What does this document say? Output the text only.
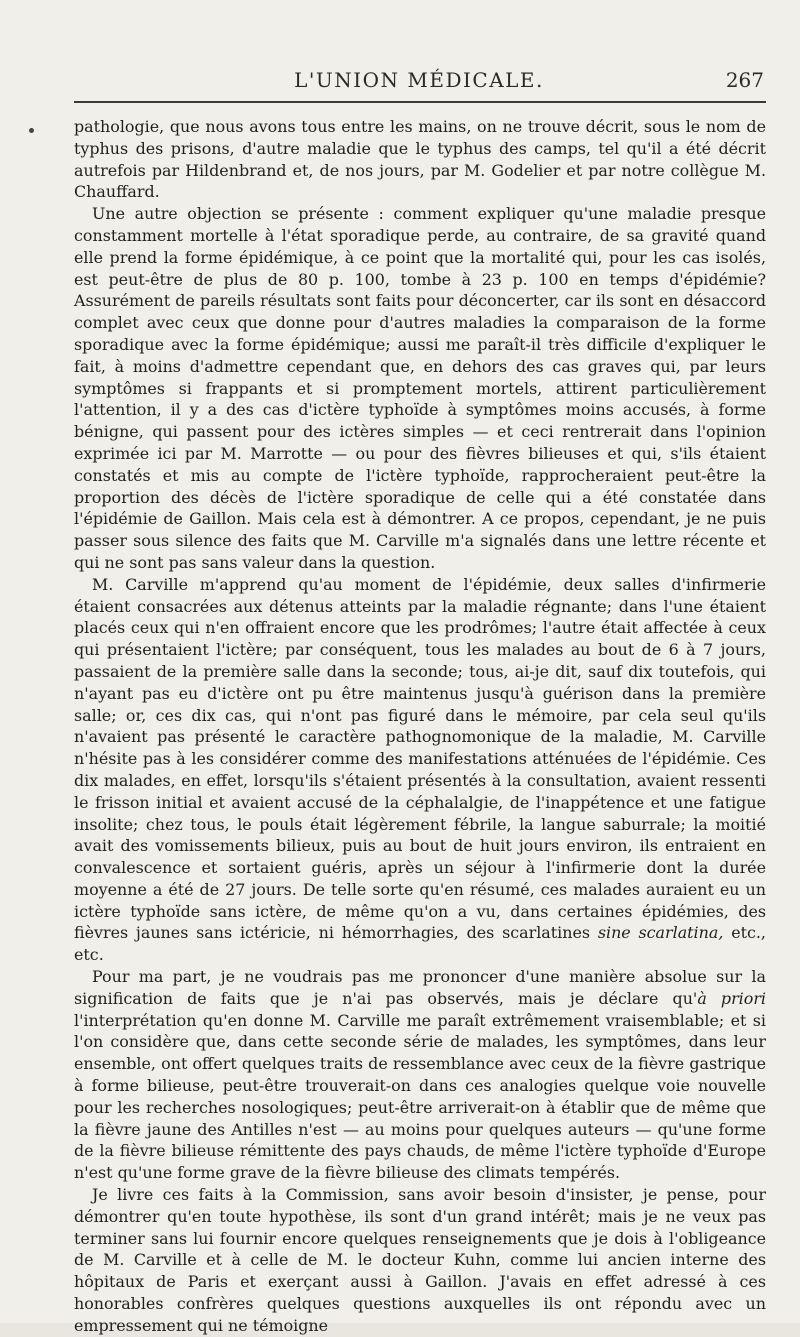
L'UNION MÉDICALE.	267

pathologie, que nous avons tous entre les mains, on ne trouve décrit, sous le nom de typhus des prisons, d'autre maladie que le typhus des camps, tel qu'il a été décrit autrefois par Hildenbrand et, de nos jours, par M. Godelier et par notre collègue M. Chauffard.

Une autre objection se présente : comment expliquer qu'une maladie presque constamment mortelle à l'état sporadique perde, au contraire, de sa gravité quand elle prend la forme épidémique, à ce point que la mortalité qui, pour les cas isolés, est peut-être de plus de 80 p. 100, tombe à 23 p. 100 en temps d'épidémie? Assurément de pareils résultats sont faits pour déconcerter, car ils sont en désaccord complet avec ceux que donne pour d'autres maladies la comparaison de la forme sporadique avec la forme épidémique; aussi me paraît-il très difficile d'expliquer le fait, à moins d'admettre cependant que, en dehors des cas graves qui, par leurs symptômes si frappants et si promptement mortels, attirent particulièrement l'attention, il y a des cas d'ictère typhoïde à symptômes moins accusés, à forme bénigne, qui passent pour des ictères simples — et ceci rentrerait dans l'opinion exprimée ici par M. Marrotte — ou pour des fièvres bilieuses et qui, s'ils étaient constatés et mis au compte de l'ictère typhoïde, rapprocheraient peut-être la proportion des décès de l'ictère sporadique de celle qui a été constatée dans l'épidémie de Gaillon. Mais cela est à démontrer. A ce propos, cependant, je ne puis passer sous silence des faits que M. Carville m'a signalés dans une lettre récente et qui ne sont pas sans valeur dans la question.

M. Carville m'apprend qu'au moment de l'épidémie, deux salles d'infirmerie étaient consacrées aux détenus atteints par la maladie régnante; dans l'une étaient placés ceux qui n'en offraient encore que les prodrômes; l'autre était affectée à ceux qui présentaient l'ictère; par conséquent, tous les malades au bout de 6 à 7 jours, passaient de la première salle dans la seconde; tous, ai-je dit, sauf dix toutefois, qui n'ayant pas eu d'ictère ont pu être maintenus jusqu'à guérison dans la première salle; or, ces dix cas, qui n'ont pas figuré dans le mémoire, par cela seul qu'ils n'avaient pas présenté le caractère pathognomonique de la maladie, M. Carville n'hésite pas à les considérer comme des manifestations atténuées de l'épidémie. Ces dix malades, en effet, lorsqu'ils s'étaient présentés à la consultation, avaient ressenti le frisson initial et avaient accusé de la céphalalgie, de l'inappétence et une fatigue insolite; chez tous, le pouls était légèrement fébrile, la langue saburrale; la moitié avait des vomissements bilieux, puis au bout de huit jours environ, ils entraient en convalescence et sortaient guéris, après un séjour à l'infirmerie dont la durée moyenne a été de 27 jours. De telle sorte qu'en résumé, ces malades auraient eu un ictère typhoïde sans ictère, de même qu'on a vu, dans certaines épidémies, des fièvres jaunes sans ictéricie, ni hémorrhagies, des scarlatines sine scarlatina, etc., etc.

Pour ma part, je ne voudrais pas me prononcer d'une manière absolue sur la signification de faits que je n'ai pas observés, mais je déclare qu'à priori l'interprétation qu'en donne M. Carville me paraît extrêmement vraisemblable; et si l'on considère que, dans cette seconde série de malades, les symptômes, dans leur ensemble, ont offert quelques traits de ressemblance avec ceux de la fièvre gastrique à forme bilieuse, peut-être trouverait-on dans ces analogies quelque voie nouvelle pour les recherches nosologiques; peut-être arriverait-on à établir que de même que la fièvre jaune des Antilles n'est — au moins pour quelques auteurs — qu'une forme de la fièvre bilieuse rémittente des pays chauds, de même l'ictère typhoïde d'Europe n'est qu'une forme grave de la fièvre bilieuse des climats tempérés.

Je livre ces faits à la Commission, sans avoir besoin d'insister, je pense, pour démontrer qu'en toute hypothèse, ils sont d'un grand intérêt; mais je ne veux pas terminer sans lui fournir encore quelques renseignements que je dois à l'obligeance de M. Carville et à celle de M. le docteur Kuhn, comme lui ancien interne des hôpitaux de Paris et exerçant aussi à Gaillon. J'avais en effet adressé à ces honorables confrères quelques questions auxquelles ils ont répondu avec un empressement qui ne témoigne
